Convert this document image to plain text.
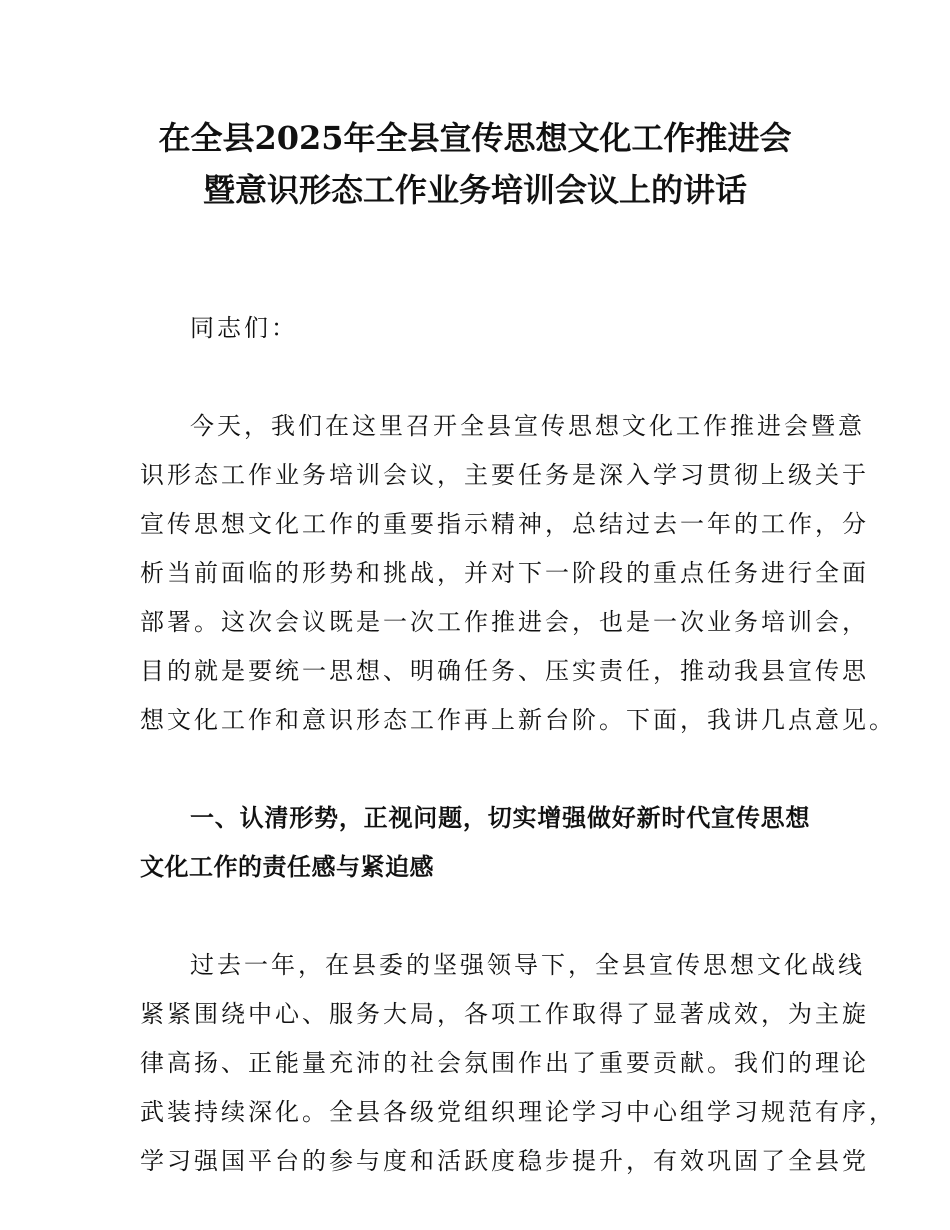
在全县2025年全县宣传思想文化工作推进会
暨意识形态工作业务培训会议上的讲话
同志们：
今天，我们在这里召开全县宣传思想文化工作推进会暨意
识形态工作业务培训会议，主要任务是深入学习贯彻上级关于
宣传思想文化工作的重要指示精神，总结过去一年的工作，分
析当前面临的形势和挑战，并对下一阶段的重点任务进行全面
部署。这次会议既是一次工作推进会，也是一次业务培训会，
目的就是要统一思想、明确任务、压实责任，推动我县宣传思
想文化工作和意识形态工作再上新台阶。下面，我讲几点意见。
一、认清形势，正视问题，切实增强做好新时代宣传思想
文化工作的责任感与紧迫感
过去一年，在县委的坚强领导下，全县宣传思想文化战线
紧紧围绕中心、服务大局，各项工作取得了显著成效，为主旋
律高扬、正能量充沛的社会氛围作出了重要贡献。我们的理论
武装持续深化。全县各级党组织理论学习中心组学习规范有序，
学习强国平台的参与度和活跃度稳步提升，有效巩固了全县党
